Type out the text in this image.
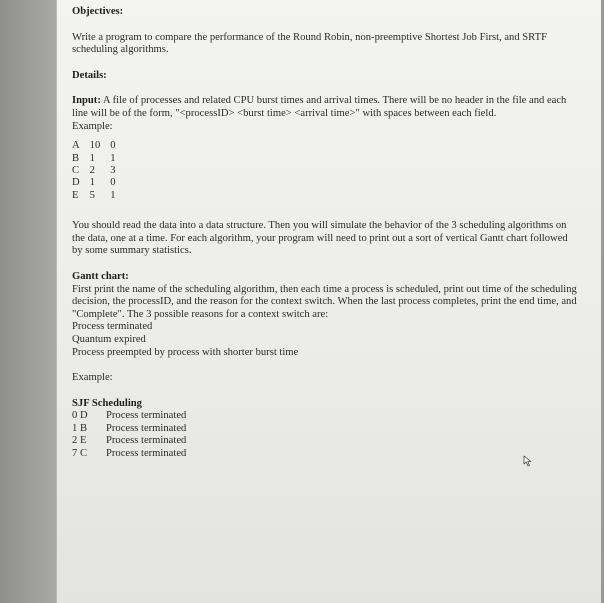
Objectives:

Write a program to compare the performance of the Round Robin, non-preemptive Shortest Job First, and SRTF scheduling algorithms.

Details:

Input: A file of processes and related CPU burst times and arrival times. There will be no header in the file and each line will be of the form, "<processID> <burst time> <arrival time>" with spaces between each field.

Example:

A	10	0
B	1	1
C	2	3
D	1	0
E	5	1

You should read the data into a data structure. Then you will simulate the behavior of the 3 scheduling algorithms on the data, one at a time. For each algorithm, your program will need to print out a sort of vertical Gantt chart followed by some summary statistics.

Gantt chart:

First print the name of the scheduling algorithm, then each time a process is scheduled, print out time of the scheduling decision, the processID, and the reason for the context switch. When the last process completes, print the end time, and "Complete". The 3 possible reasons for a context switch are:

Process terminated

Quantum expired

Process preempted by process with shorter burst time

Example:

SJF Scheduling

0 D	Process terminated
1 B	Process terminated
2 E	Process terminated
7 C	Process terminated
